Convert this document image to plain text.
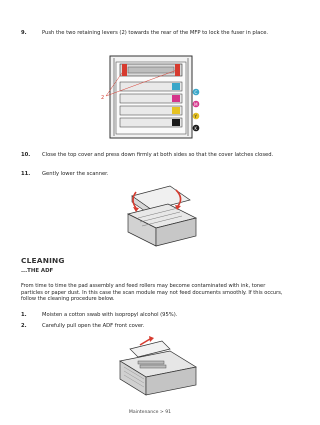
9.	Push the two retaining levers (2) towards the rear of the MFP to lock the fuser in place.
C
M
Y
K
2
10. Close the top cover and press down firmly at both sides so that the cover latches closed.
11. Gently lower the scanner.
CLEANING
...THE ADF
From time to time the pad assembly and feed rollers may become contaminated with ink, toner particles or paper dust. In this case the scan module may not feed documents smoothly. If this occurs, follow the cleaning procedure below.
1.	Moisten a cotton swab with isopropyl alcohol (95%).
2.	Carefully pull open the ADF front cover.
Maintenance > 91
